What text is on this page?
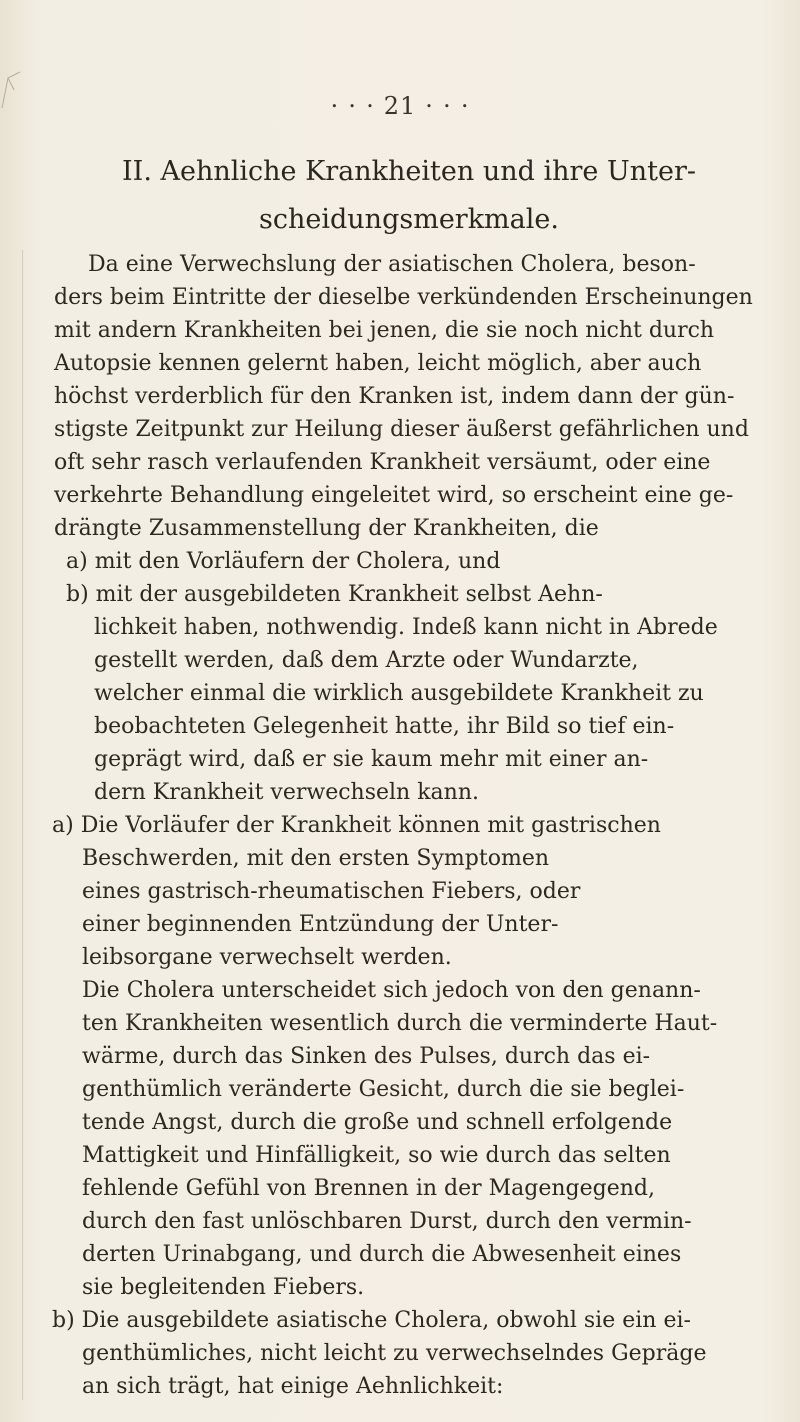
⋅ ⋅ ⋅ 21 ⋅ ⋅ ⋅
II. Aehnliche Krankheiten und ihre Unter-
scheidungsmerkmale.
Da eine Verwechslung der asiatischen Cholera, beson-
ders beim Eintritte der dieselbe verkündenden Erscheinungen
mit andern Krankheiten bei jenen, die sie noch nicht durch
Autopsie kennen gelernt haben, leicht möglich, aber auch
höchst verderblich für den Kranken ist, indem dann der gün-
stigste Zeitpunkt zur Heilung dieser äußerst gefährlichen und
oft sehr rasch verlaufenden Krankheit versäumt, oder eine
verkehrte Behandlung eingeleitet wird, so erscheint eine ge-
drängte Zusammenstellung der Krankheiten, die
a) mit den Vorläufern der Cholera, und
b) mit der ausgebildeten Krankheit selbst Aehn-
lichkeit haben, nothwendig. Indeß kann nicht in Abrede
gestellt werden, daß dem Arzte oder Wundarzte,
welcher einmal die wirklich ausgebildete Krankheit zu
beobachteten Gelegenheit hatte, ihr Bild so tief ein-
geprägt wird, daß er sie kaum mehr mit einer an-
dern Krankheit verwechseln kann.
a) Die Vorläufer der Krankheit können mit gastrischen
Beschwerden, mit den ersten Symptomen
eines gastrisch-rheumatischen Fiebers, oder
einer beginnenden Entzündung der Unter-
leibsorgane verwechselt werden.
Die Cholera unterscheidet sich jedoch von den genann-
ten Krankheiten wesentlich durch die verminderte Haut-
wärme, durch das Sinken des Pulses, durch das ei-
genthümlich veränderte Gesicht, durch die sie beglei-
tende Angst, durch die große und schnell erfolgende
Mattigkeit und Hinfälligkeit, so wie durch das selten
fehlende Gefühl von Brennen in der Magengegend,
durch den fast unlöschbaren Durst, durch den vermin-
derten Urinabgang, und durch die Abwesenheit eines
sie begleitenden Fiebers.
b) Die ausgebildete asiatische Cholera, obwohl sie ein ei-
genthümliches, nicht leicht zu verwechselndes Gepräge
an sich trägt, hat einige Aehnlichkeit:
